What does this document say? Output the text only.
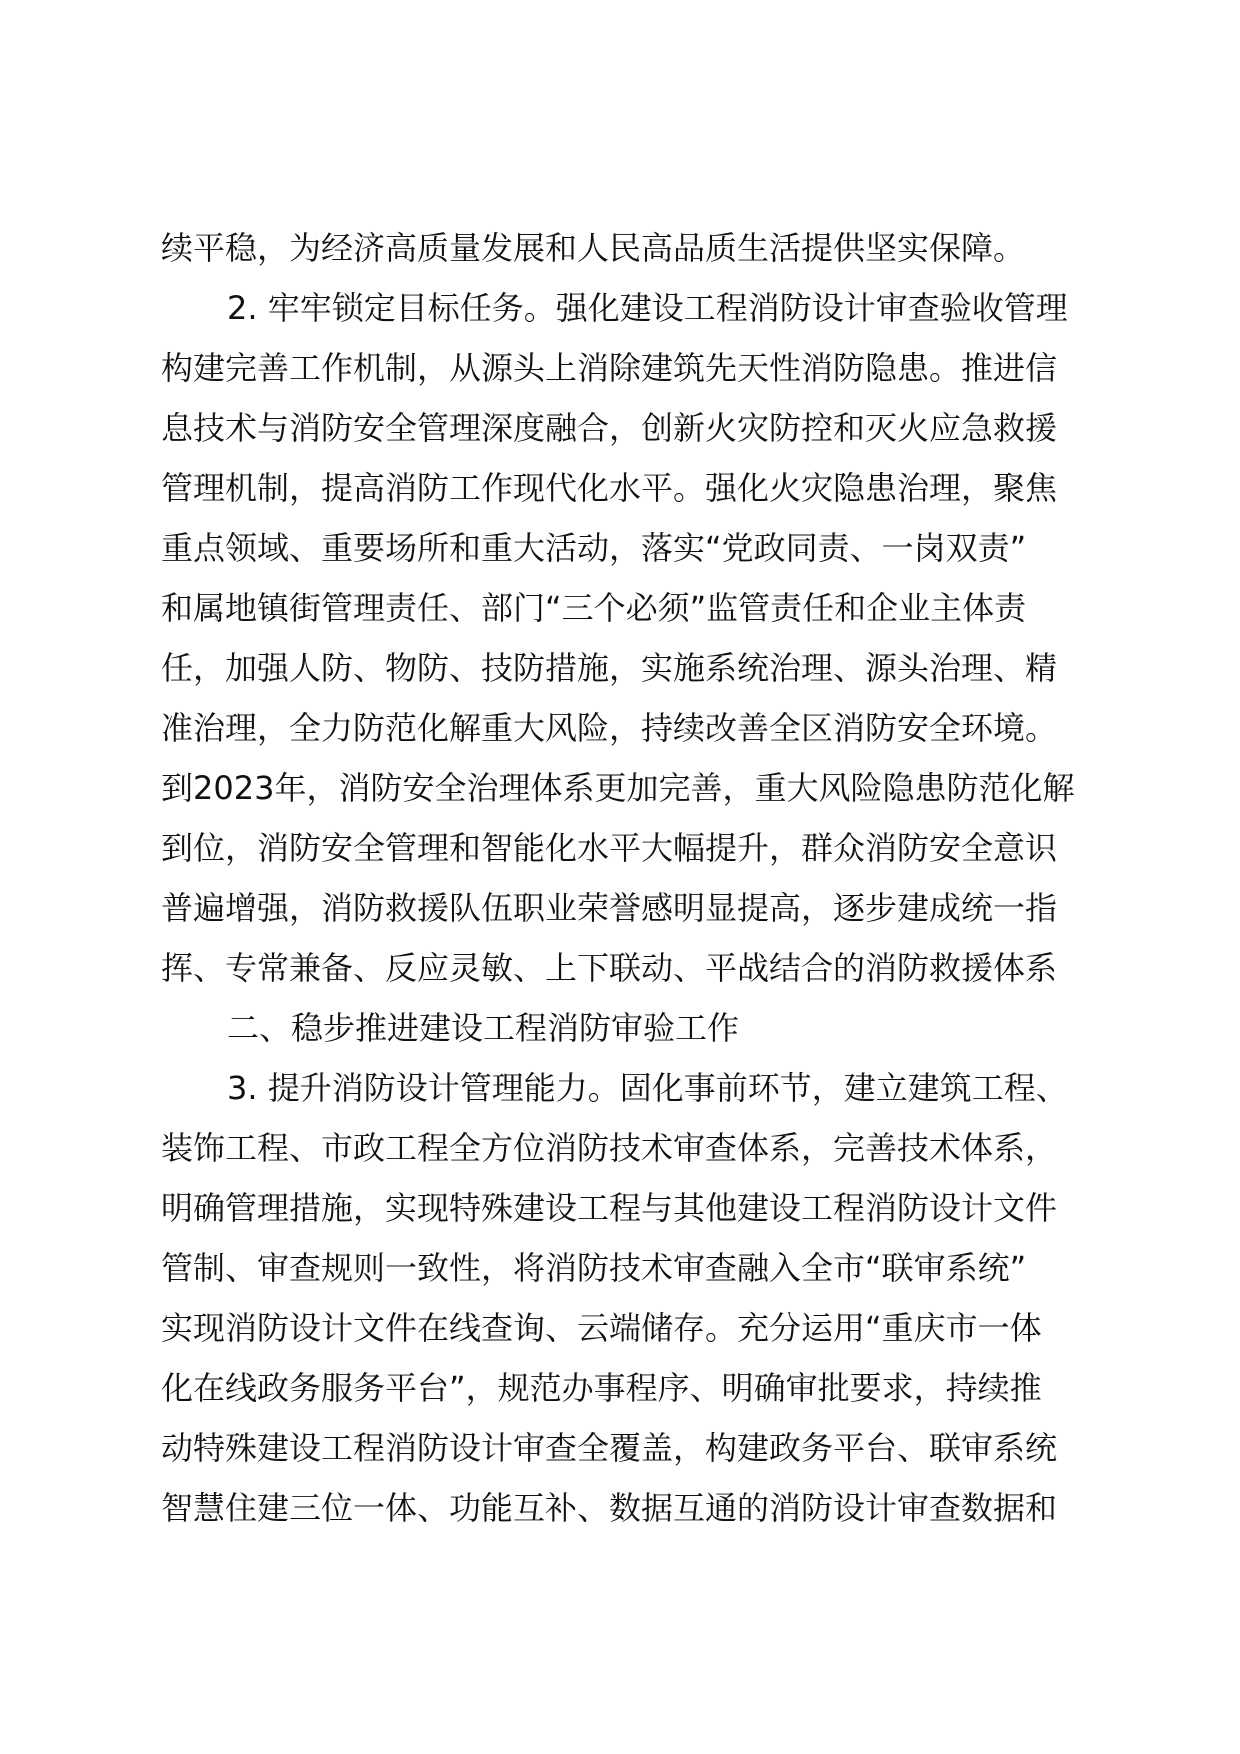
续平稳，为经济高质量发展和人民高品质生活提供坚实保障。
2. 牢牢锁定目标任务。强化建设工程消防设计审查验收管理
构建完善工作机制，从源头上消除建筑先天性消防隐患。推进信
息技术与消防安全管理深度融合，创新火灾防控和灭火应急救援
管理机制，提高消防工作现代化水平。强化火灾隐患治理，聚焦
重点领域、重要场所和重大活动，落实“党政同责、一岗双责”
和属地镇街管理责任、部门“三个必须”监管责任和企业主体责
任，加强人防、物防、技防措施，实施系统治理、源头治理、精
准治理，全力防范化解重大风险，持续改善全区消防安全环境。
到2023年，消防安全治理体系更加完善，重大风险隐患防范化解
到位，消防安全管理和智能化水平大幅提升，群众消防安全意识
普遍增强，消防救援队伍职业荣誉感明显提高，逐步建成统一指
挥、专常兼备、反应灵敏、上下联动、平战结合的消防救援体系
二、稳步推进建设工程消防审验工作
3. 提升消防设计管理能力。固化事前环节，建立建筑工程、
装饰工程、市政工程全方位消防技术审查体系，完善技术体系，
明确管理措施，实现特殊建设工程与其他建设工程消防设计文件
管制、审查规则一致性，将消防技术审查融入全市“联审系统”
实现消防设计文件在线查询、云端储存。充分运用“重庆市一体
化在线政务服务平台”，规范办事程序、明确审批要求，持续推
动特殊建设工程消防设计审查全覆盖，构建政务平台、联审系统
智慧住建三位一体、功能互补、数据互通的消防设计审查数据和
